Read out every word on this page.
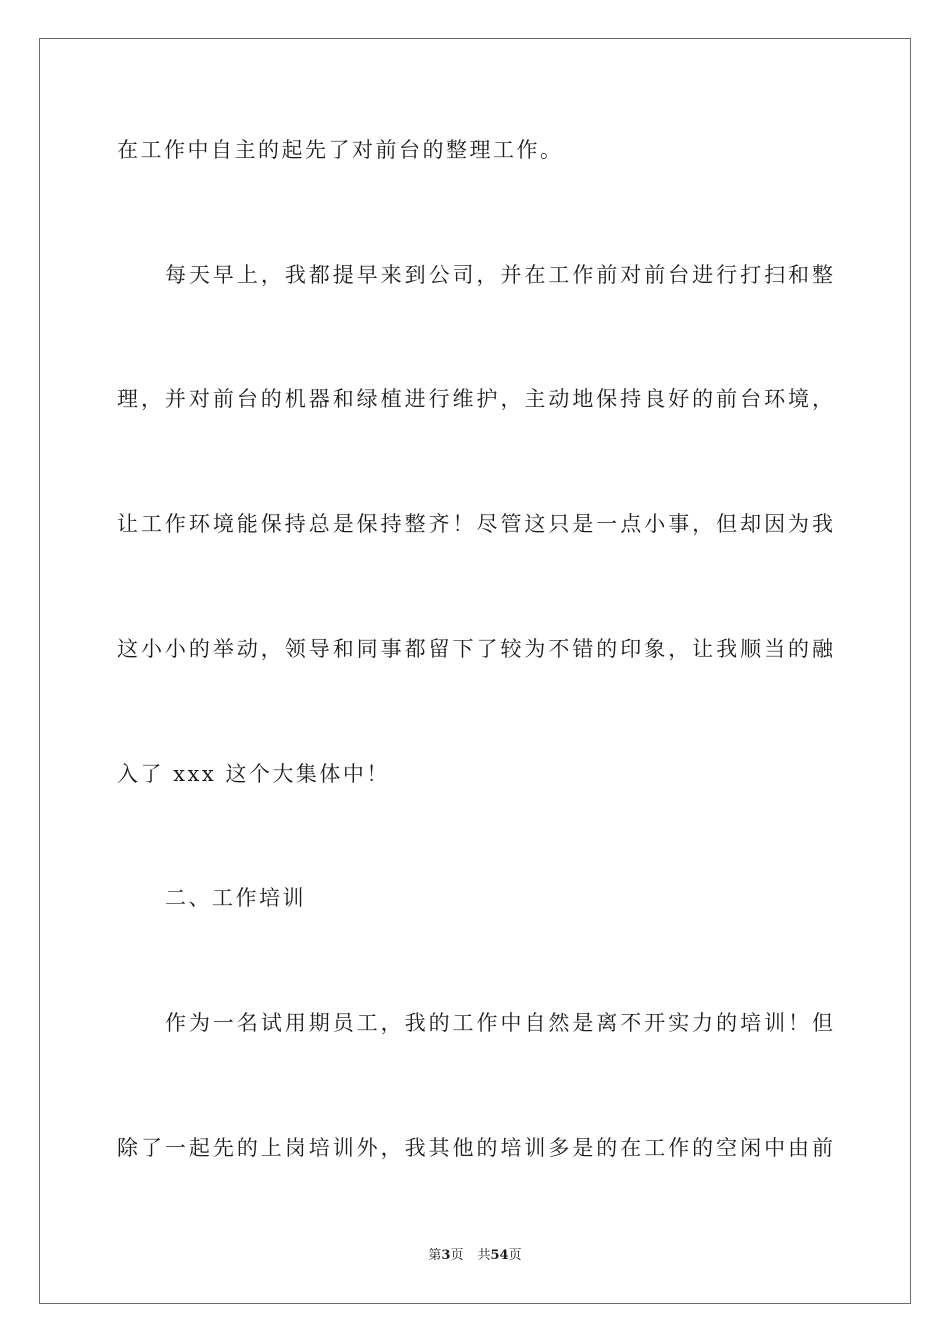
在工作中自主的起先了对前台的整理工作。
每天早上，我都提早来到公司，并在工作前对前台进行打扫和整
理，并对前台的机器和绿植进行维护，主动地保持良好的前台环境，
让工作环境能保持总是保持整齐！尽管这只是一点小事，但却因为我
这小小的举动，领导和同事都留下了较为不错的印象，让我顺当的融
入了 xxx 这个大集体中！
二、工作培训
作为一名试用期员工，我的工作中自然是离不开实力的培训！但
除了一起先的上岗培训外，我其他的培训多是的在工作的空闲中由前
第3页 共54页
